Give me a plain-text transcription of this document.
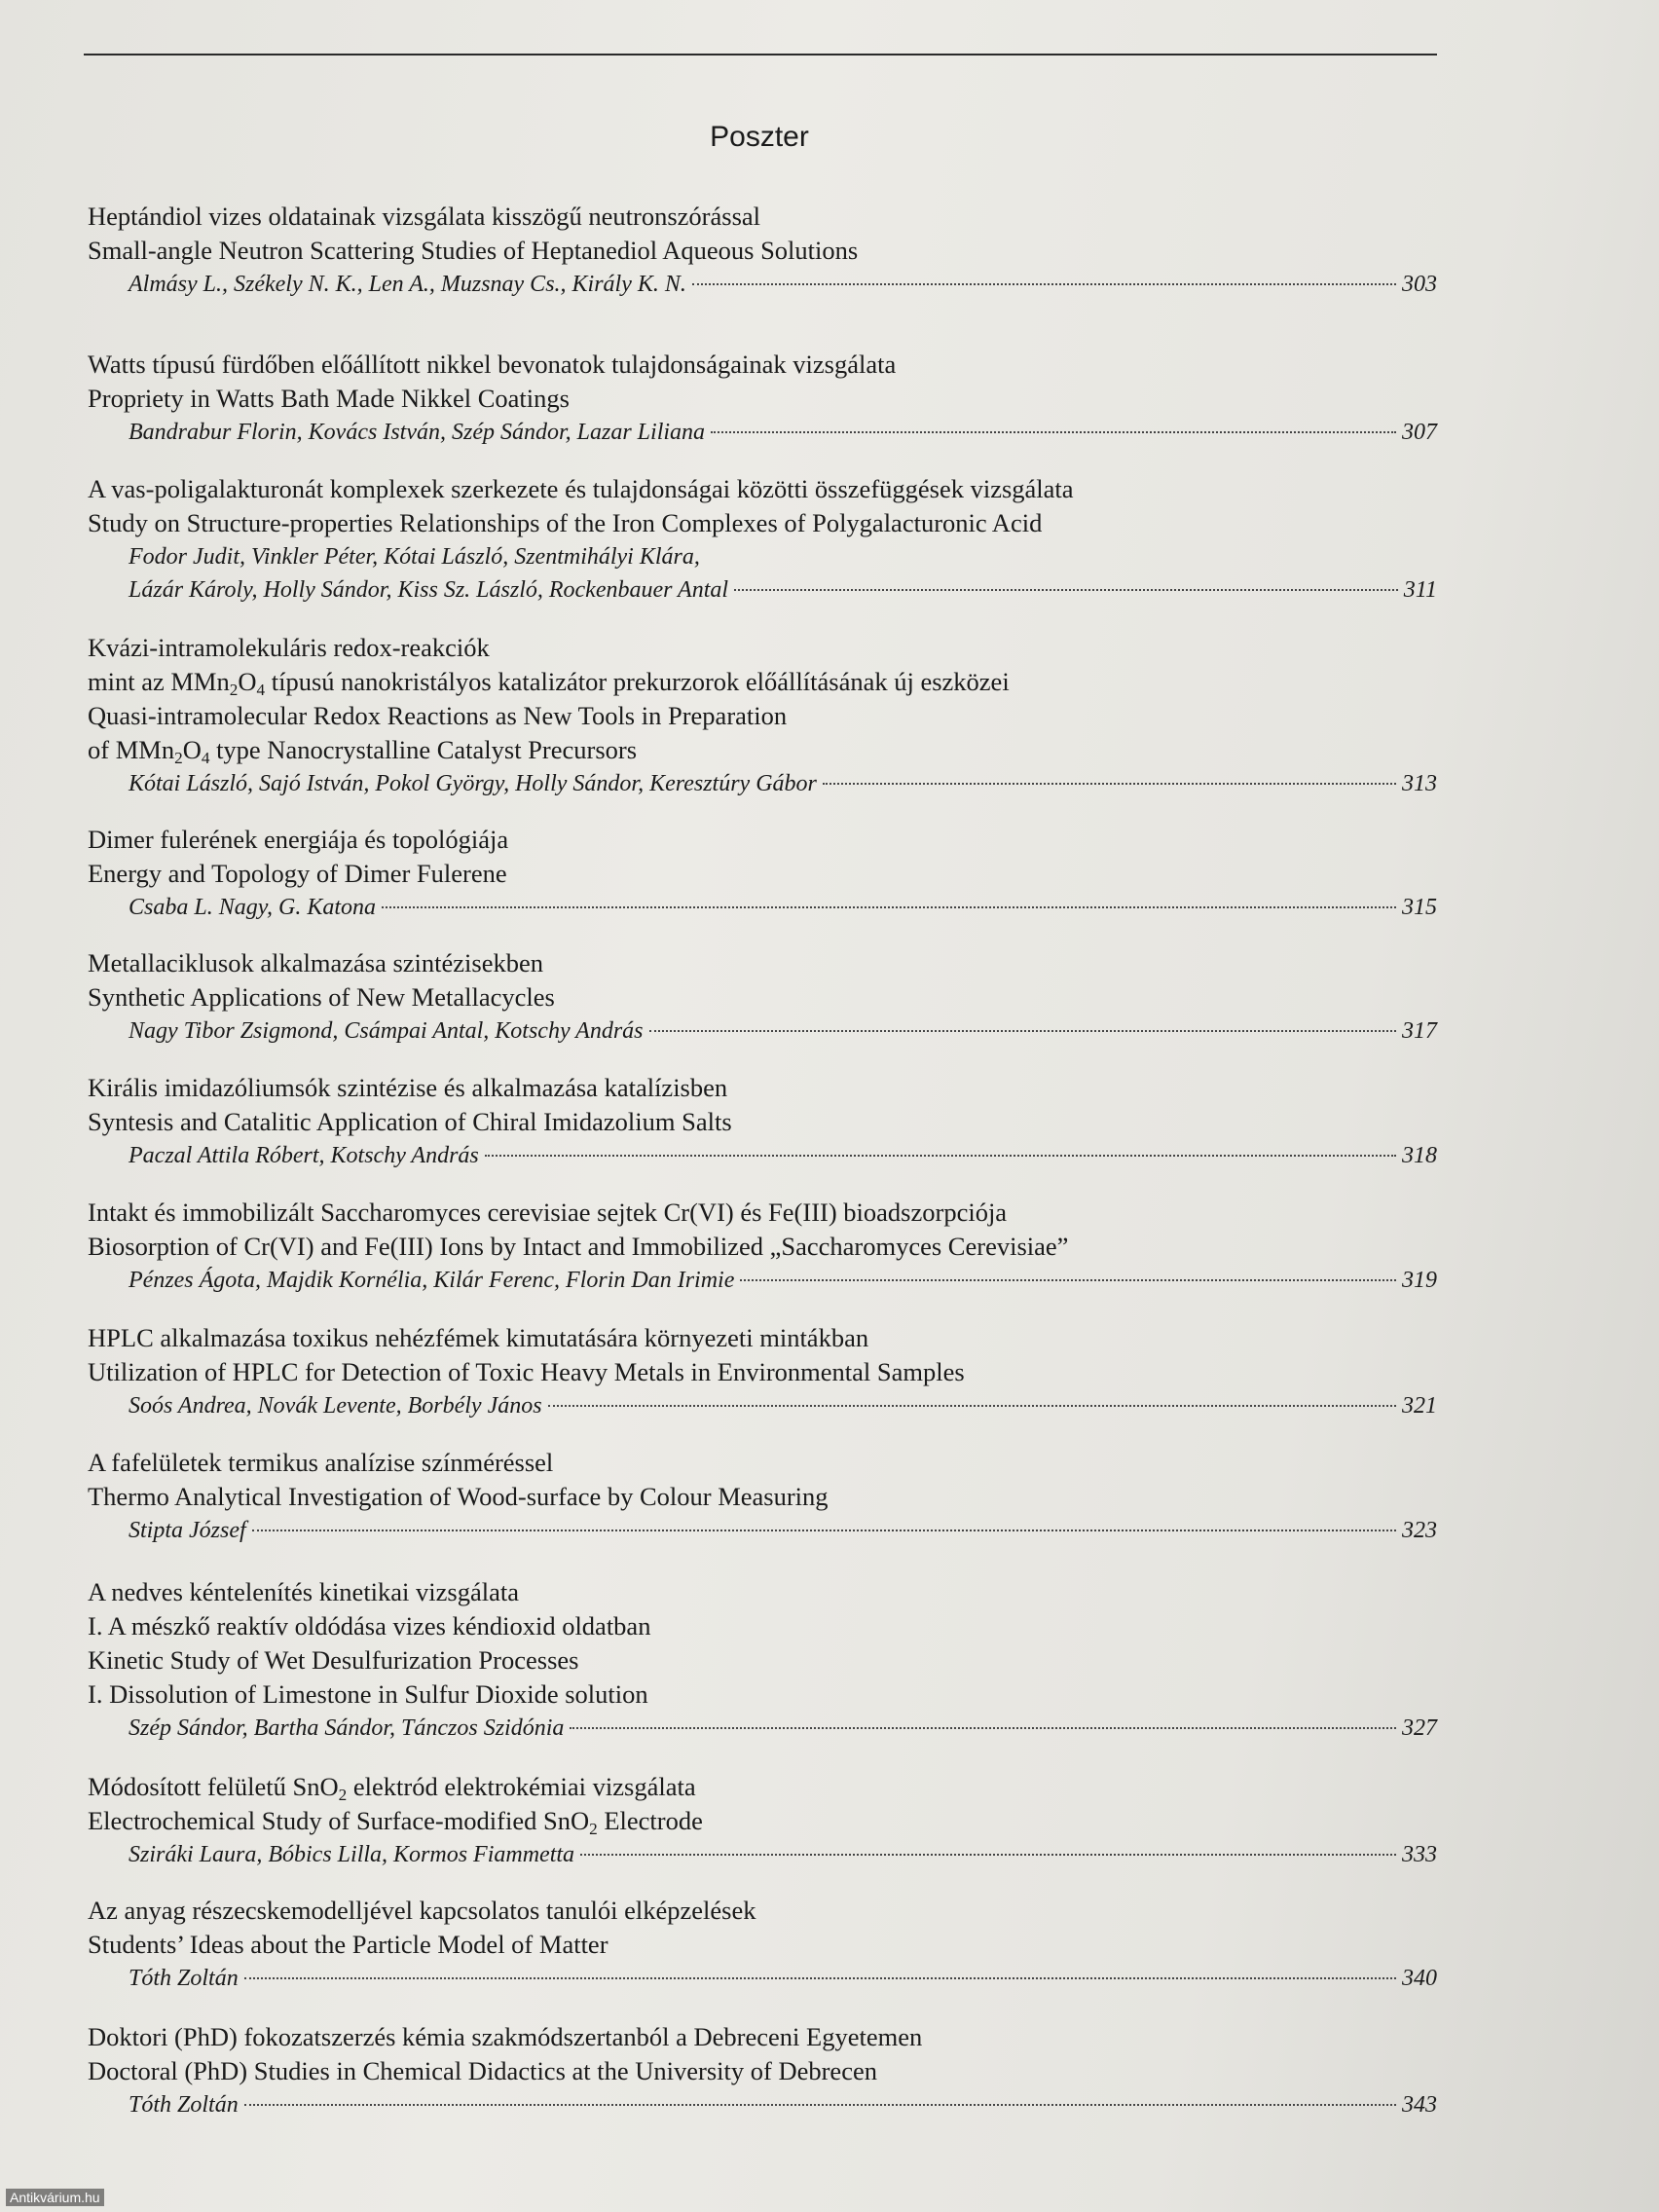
Poszter
Heptándiol vizes oldatainak vizsgálata kisszögű neutronszórással
Small-angle Neutron Scattering Studies of Heptanediol Aqueous Solutions
Almásy L., Székely N. K., Len A., Muzsnay Cs., Király K. N.	303
Watts típusú fürdőben előállított nikkel bevonatok tulajdonságainak vizsgálata
Propriety in Watts Bath Made Nikkel Coatings
Bandrabur Florin, Kovács István, Szép Sándor, Lazar Liliana	307
A vas-poligalakturonát komplexek szerkezete és tulajdonságai közötti összefüggések vizsgálata
Study on Structure-properties Relationships of the Iron Complexes of Polygalacturonic Acid
Fodor Judit, Vinkler Péter, Kótai László, Szentmihályi Klára,
Lázár Károly, Holly Sándor, Kiss Sz. László, Rockenbauer Antal	311
Kvázi-intramolekuláris redox-reakciók
mint az $MMn_2O_4$ típusú nanokristályos katalizátor prekurzorok előállításának új eszközei
Quasi-intramolecular Redox Reactions as New Tools in Preparation
of $MMn_2O_4$ type Nanocrystalline Catalyst Precursors
Kótai László, Sajó István, Pokol György, Holly Sándor, Keresztúry Gábor	313
Dimer fulerének energiája és topológiája
Energy and Topology of Dimer Fulerene
Csaba L. Nagy, G. Katona	315
Metallaciklusok alkalmazása szintézisekben
Synthetic Applications of New Metallacycles
Nagy Tibor Zsigmond, Csámpai Antal, Kotschy András	317
Királis imidazóliumsók szintézise és alkalmazása katalízisben
Syntesis and Catalitic Application of Chiral Imidazolium Salts
Paczal Attila Róbert, Kotschy András	318
Intakt és immobilizált Saccharomyces cerevisiae sejtek Cr(VI) és Fe(III) bioadszorpciója
Biosorption of Cr(VI) and Fe(III) Ions by Intact and Immobilized „Saccharomyces Cerevisiae”
Pénzes Ágota, Majdik Kornélia, Kilár Ferenc, Florin Dan Irimie	319
HPLC alkalmazása toxikus nehézfémek kimutatására környezeti mintákban
Utilization of HPLC for Detection of Toxic Heavy Metals in Environmental Samples
Soós Andrea, Novák Levente, Borbély János	321
A fafelületek termikus analízise színméréssel
Thermo Analytical Investigation of Wood-surface by Colour Measuring
Stipta József	323
A nedves kéntelenítés kinetikai vizsgálata
I. A mészkő reaktív oldódása vizes kéndioxid oldatban
Kinetic Study of Wet Desulfurization Processes
I. Dissolution of Limestone in Sulfur Dioxide solution
Szép Sándor, Bartha Sándor, Tánczos Szidónia	327
Módosított felületű SnO$_2$ elektród elektrokémiai vizsgálata
Electrochemical Study of Surface-modified SnO$_2$ Electrode
Sziráki Laura, Bóbics Lilla, Kormos Fiammetta	333
Az anyag részecskemodelljével kapcsolatos tanulói elképzelések
Students’ Ideas about the Particle Model of Matter
Tóth Zoltán	340
Doktori (PhD) fokozatszerzés kémia szakmódszertanból a Debreceni Egyetemen
Doctoral (PhD) Studies in Chemical Didactics at the University of Debrecen
Tóth Zoltán	343
Antikvárium.hu
